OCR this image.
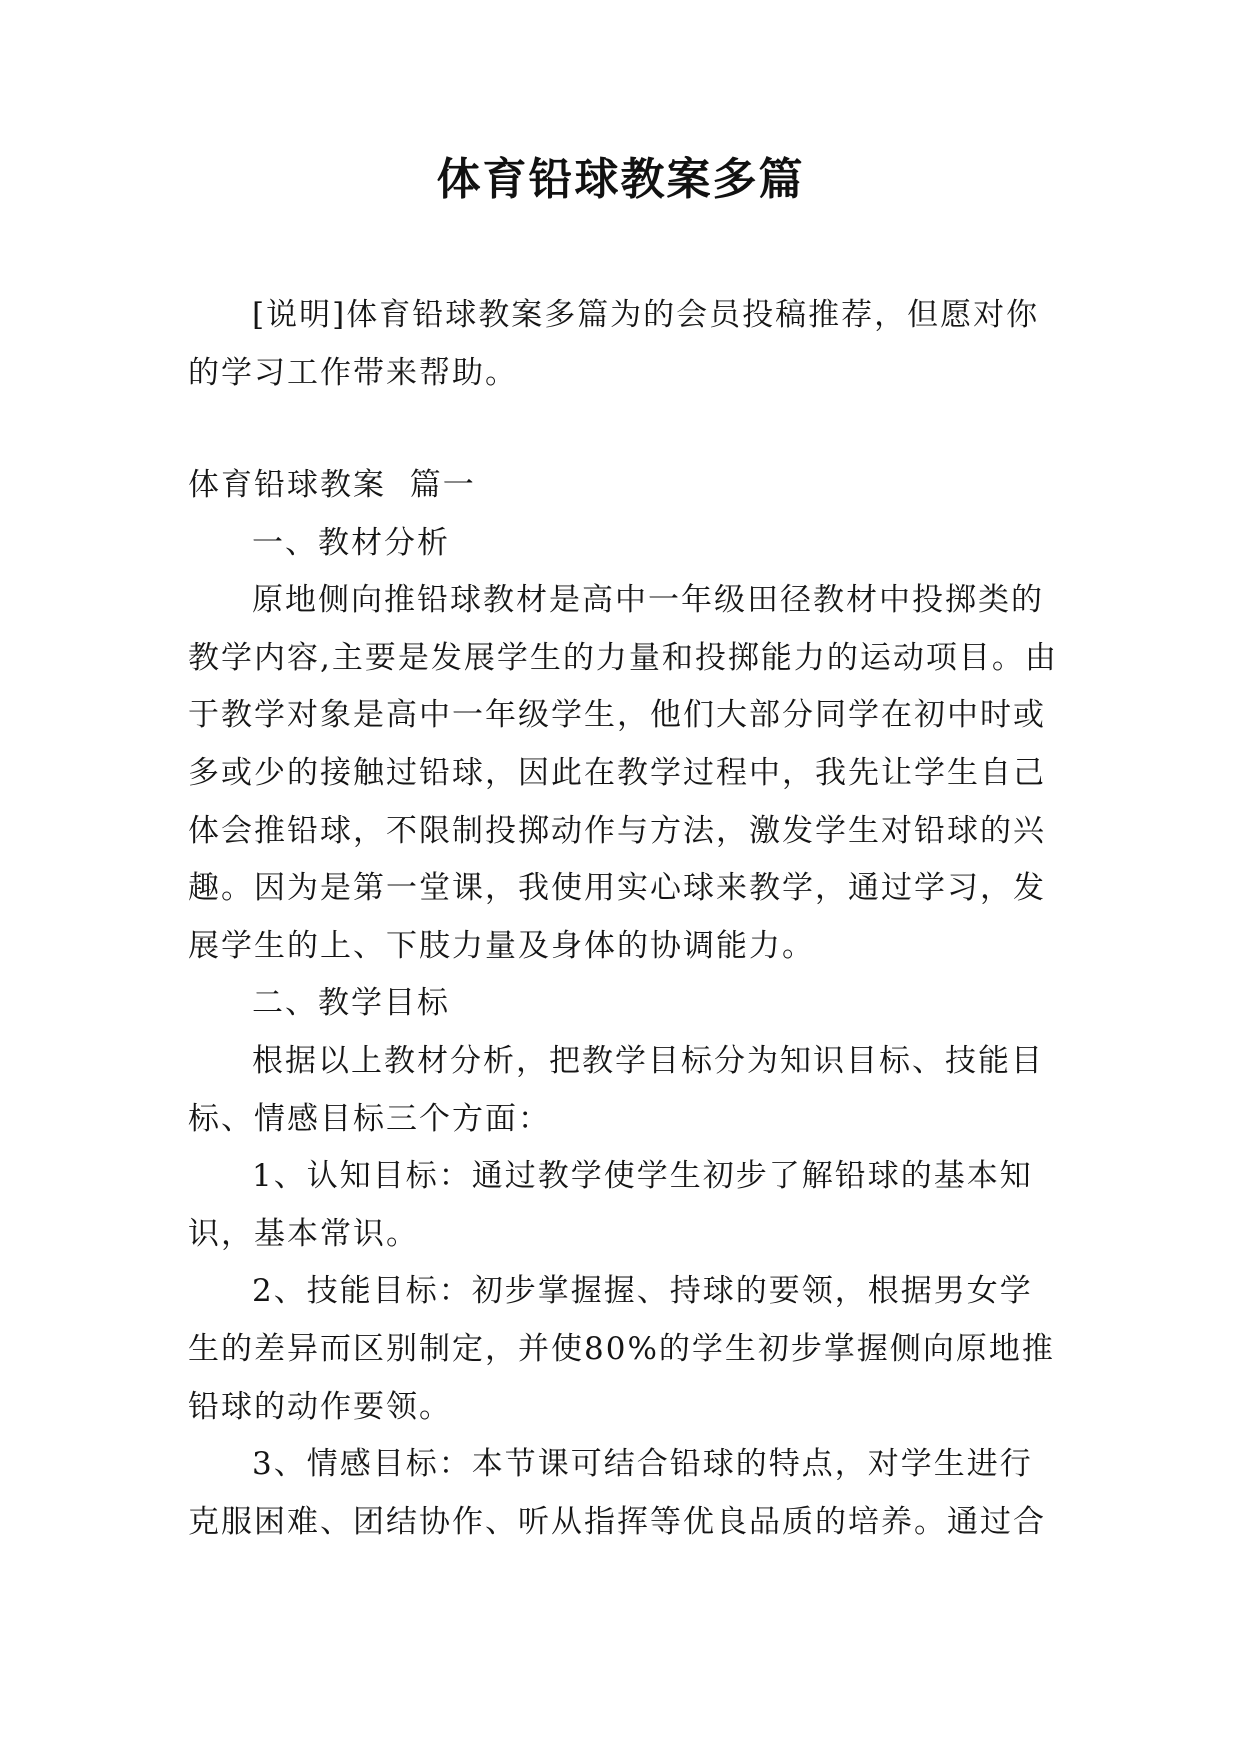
体育铅球教案多篇

[说明]体育铅球教案多篇为的会员投稿推荐，但愿对你的学习工作带来帮助。

体育铅球教案  篇一

一、教材分析

原地侧向推铅球教材是高中一年级田径教材中投掷类的教学内容,主要是发展学生的力量和投掷能力的运动项目。由于教学对象是高中一年级学生，他们大部分同学在初中时或多或少的接触过铅球，因此在教学过程中，我先让学生自己体会推铅球，不限制投掷动作与方法，激发学生对铅球的兴趣。因为是第一堂课，我使用实心球来教学，通过学习，发展学生的上、下肢力量及身体的协调能力。

二、教学目标

根据以上教材分析，把教学目标分为知识目标、技能目标、情感目标三个方面：

1、认知目标：通过教学使学生初步了解铅球的基本知识，基本常识。

2、技能目标：初步掌握握、持球的要领，根据男女学生的差异而区别制定，并使80%的学生初步掌握侧向原地推铅球的动作要领。

3、情感目标：本节课可结合铅球的特点，对学生进行克服困难、团结协作、听从指挥等优良品质的培养。通过合
